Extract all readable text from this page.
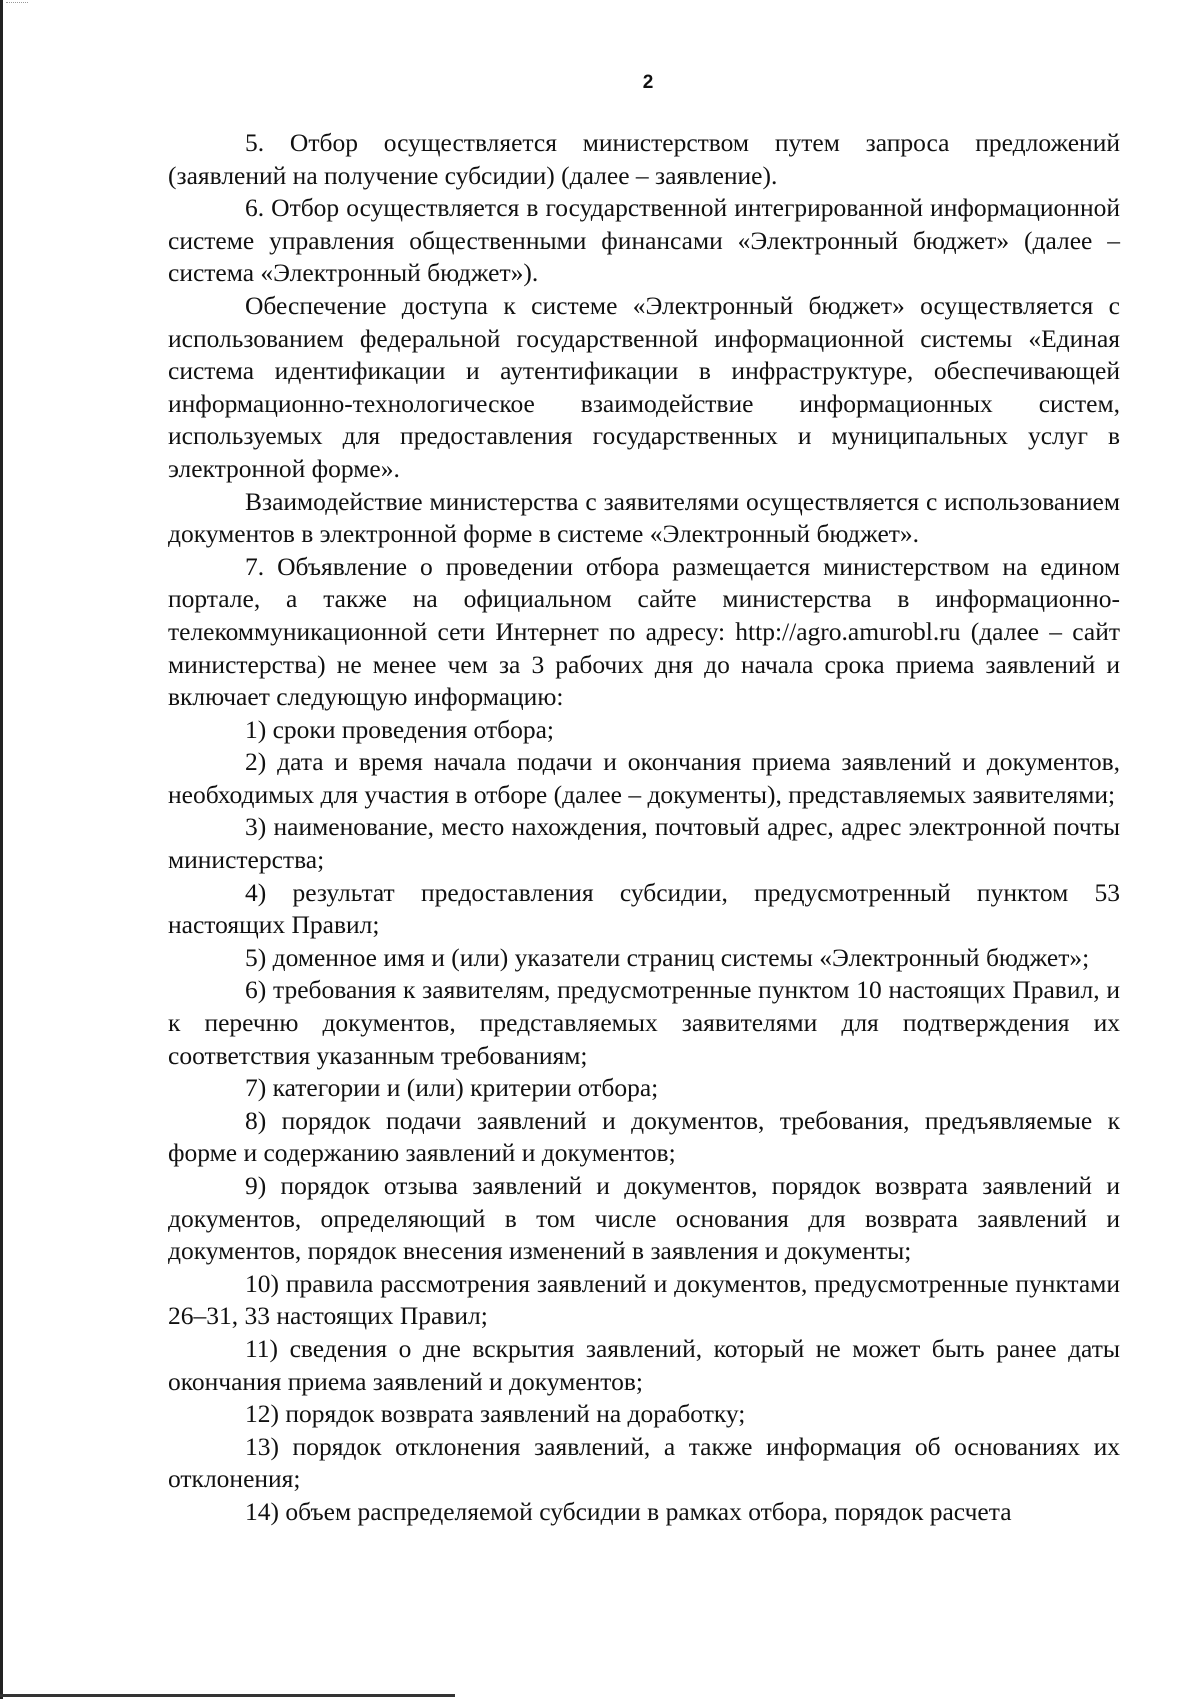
2

5. Отбор осуществляется министерством путем запроса предложений (заявлений на получение субсидии) (далее – заявление).

6. Отбор осуществляется в государственной интегрированной информационной системе управления общественными финансами «Электронный бюджет» (далее – система «Электронный бюджет»).

Обеспечение доступа к системе «Электронный бюджет» осуществляется с использованием федеральной государственной информационной системы «Единая система идентификации и аутентификации в инфраструктуре, обеспечивающей информационно-технологическое взаимодействие информационных систем, используемых для предоставления государственных и муниципальных услуг в электронной форме».

Взаимодействие министерства с заявителями осуществляется с использованием документов в электронной форме в системе «Электронный бюджет».

7. Объявление о проведении отбора размещается министерством на едином портале, а также на официальном сайте министерства в информационно-телекоммуникационной сети Интернет по адресу: http://agro.amurobl.ru (далее – сайт министерства) не менее чем за 3 рабочих дня до начала срока приема заявлений и включает следующую информацию:

1) сроки проведения отбора;

2) дата и время начала подачи и окончания приема заявлений и документов, необходимых для участия в отборе (далее – документы), представляемых заявителями;

3) наименование, место нахождения, почтовый адрес, адрес электронной почты министерства;

4) результат предоставления субсидии, предусмотренный пунктом 53 настоящих Правил;

5) доменное имя и (или) указатели страниц системы «Электронный бюджет»;

6) требования к заявителям, предусмотренные пунктом 10 настоящих Правил, и к перечню документов, представляемых заявителями для подтверждения их соответствия указанным требованиям;

7) категории и (или) критерии отбора;

8) порядок подачи заявлений и документов, требования, предъявляемые к форме и содержанию заявлений и документов;

9) порядок отзыва заявлений и документов, порядок возврата заявлений и документов, определяющий в том числе основания для возврата заявлений и документов, порядок внесения изменений в заявления и документы;

10) правила рассмотрения заявлений и документов, предусмотренные пунктами 26–31, 33 настоящих Правил;

11) сведения о дне вскрытия заявлений, который не может быть ранее даты окончания приема заявлений и документов;

12) порядок возврата заявлений на доработку;

13) порядок отклонения заявлений, а также информация об основаниях их отклонения;

14) объем распределяемой субсидии в рамках отбора, порядок расчета
